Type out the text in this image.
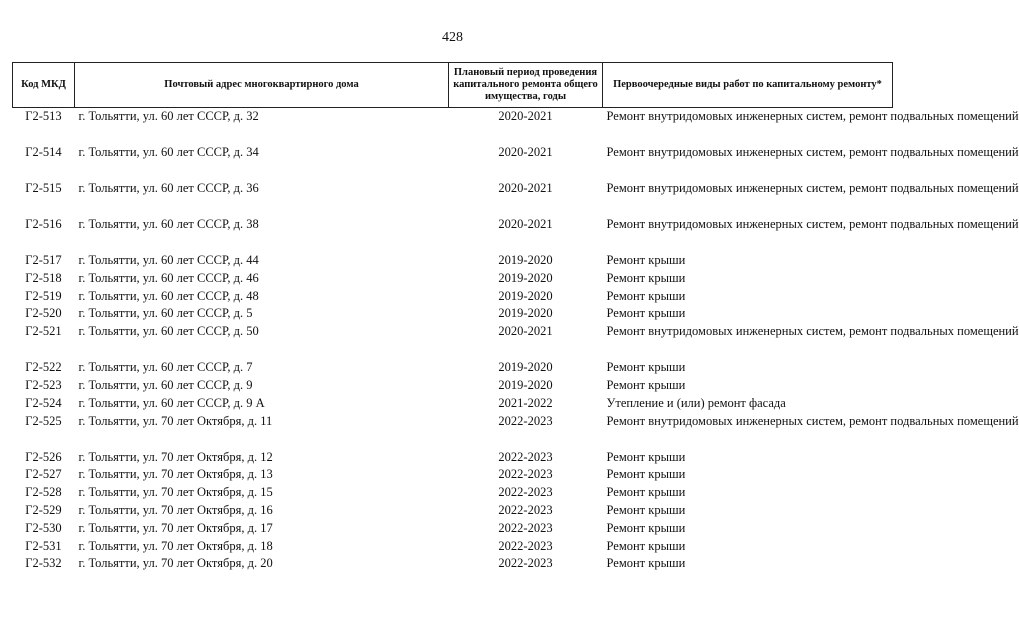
428
Код МКД	Почтовый адрес многоквартирного дома	Плановый период проведения капитального ремонта общего имущества, годы	Первоочередные виды работ по капитальному ремонту*
Г2-513	г. Тольятти, ул. 60 лет СССР, д. 32	2020-2021	Ремонт внутридомовых инженерных систем, ремонт подвальных помещений
Г2-514	г. Тольятти, ул. 60 лет СССР, д. 34	2020-2021	Ремонт внутридомовых инженерных систем, ремонт подвальных помещений
Г2-515	г. Тольятти, ул. 60 лет СССР, д. 36	2020-2021	Ремонт внутридомовых инженерных систем, ремонт подвальных помещений
Г2-516	г. Тольятти, ул. 60 лет СССР, д. 38	2020-2021	Ремонт внутридомовых инженерных систем, ремонт подвальных помещений
Г2-517	г. Тольятти, ул. 60 лет СССР, д. 44	2019-2020	Ремонт крыши
Г2-518	г. Тольятти, ул. 60 лет СССР, д. 46	2019-2020	Ремонт крыши
Г2-519	г. Тольятти, ул. 60 лет СССР, д. 48	2019-2020	Ремонт крыши
Г2-520	г. Тольятти, ул. 60 лет СССР, д. 5	2019-2020	Ремонт крыши
Г2-521	г. Тольятти, ул. 60 лет СССР, д. 50	2020-2021	Ремонт внутридомовых инженерных систем, ремонт подвальных помещений
Г2-522	г. Тольятти, ул. 60 лет СССР, д. 7	2019-2020	Ремонт крыши
Г2-523	г. Тольятти, ул. 60 лет СССР, д. 9	2019-2020	Ремонт крыши
Г2-524	г. Тольятти, ул. 60 лет СССР, д. 9 А	2021-2022	Утепление и (или) ремонт фасада
Г2-525	г. Тольятти, ул. 70 лет Октября, д. 11	2022-2023	Ремонт внутридомовых инженерных систем, ремонт подвальных помещений
Г2-526	г. Тольятти, ул. 70 лет Октября, д. 12	2022-2023	Ремонт крыши
Г2-527	г. Тольятти, ул. 70 лет Октября, д. 13	2022-2023	Ремонт крыши
Г2-528	г. Тольятти, ул. 70 лет Октября, д. 15	2022-2023	Ремонт крыши
Г2-529	г. Тольятти, ул. 70 лет Октября, д. 16	2022-2023	Ремонт крыши
Г2-530	г. Тольятти, ул. 70 лет Октября, д. 17	2022-2023	Ремонт крыши
Г2-531	г. Тольятти, ул. 70 лет Октября, д. 18	2022-2023	Ремонт крыши
Г2-532	г. Тольятти, ул. 70 лет Октября, д. 20	2022-2023	Ремонт крыши
